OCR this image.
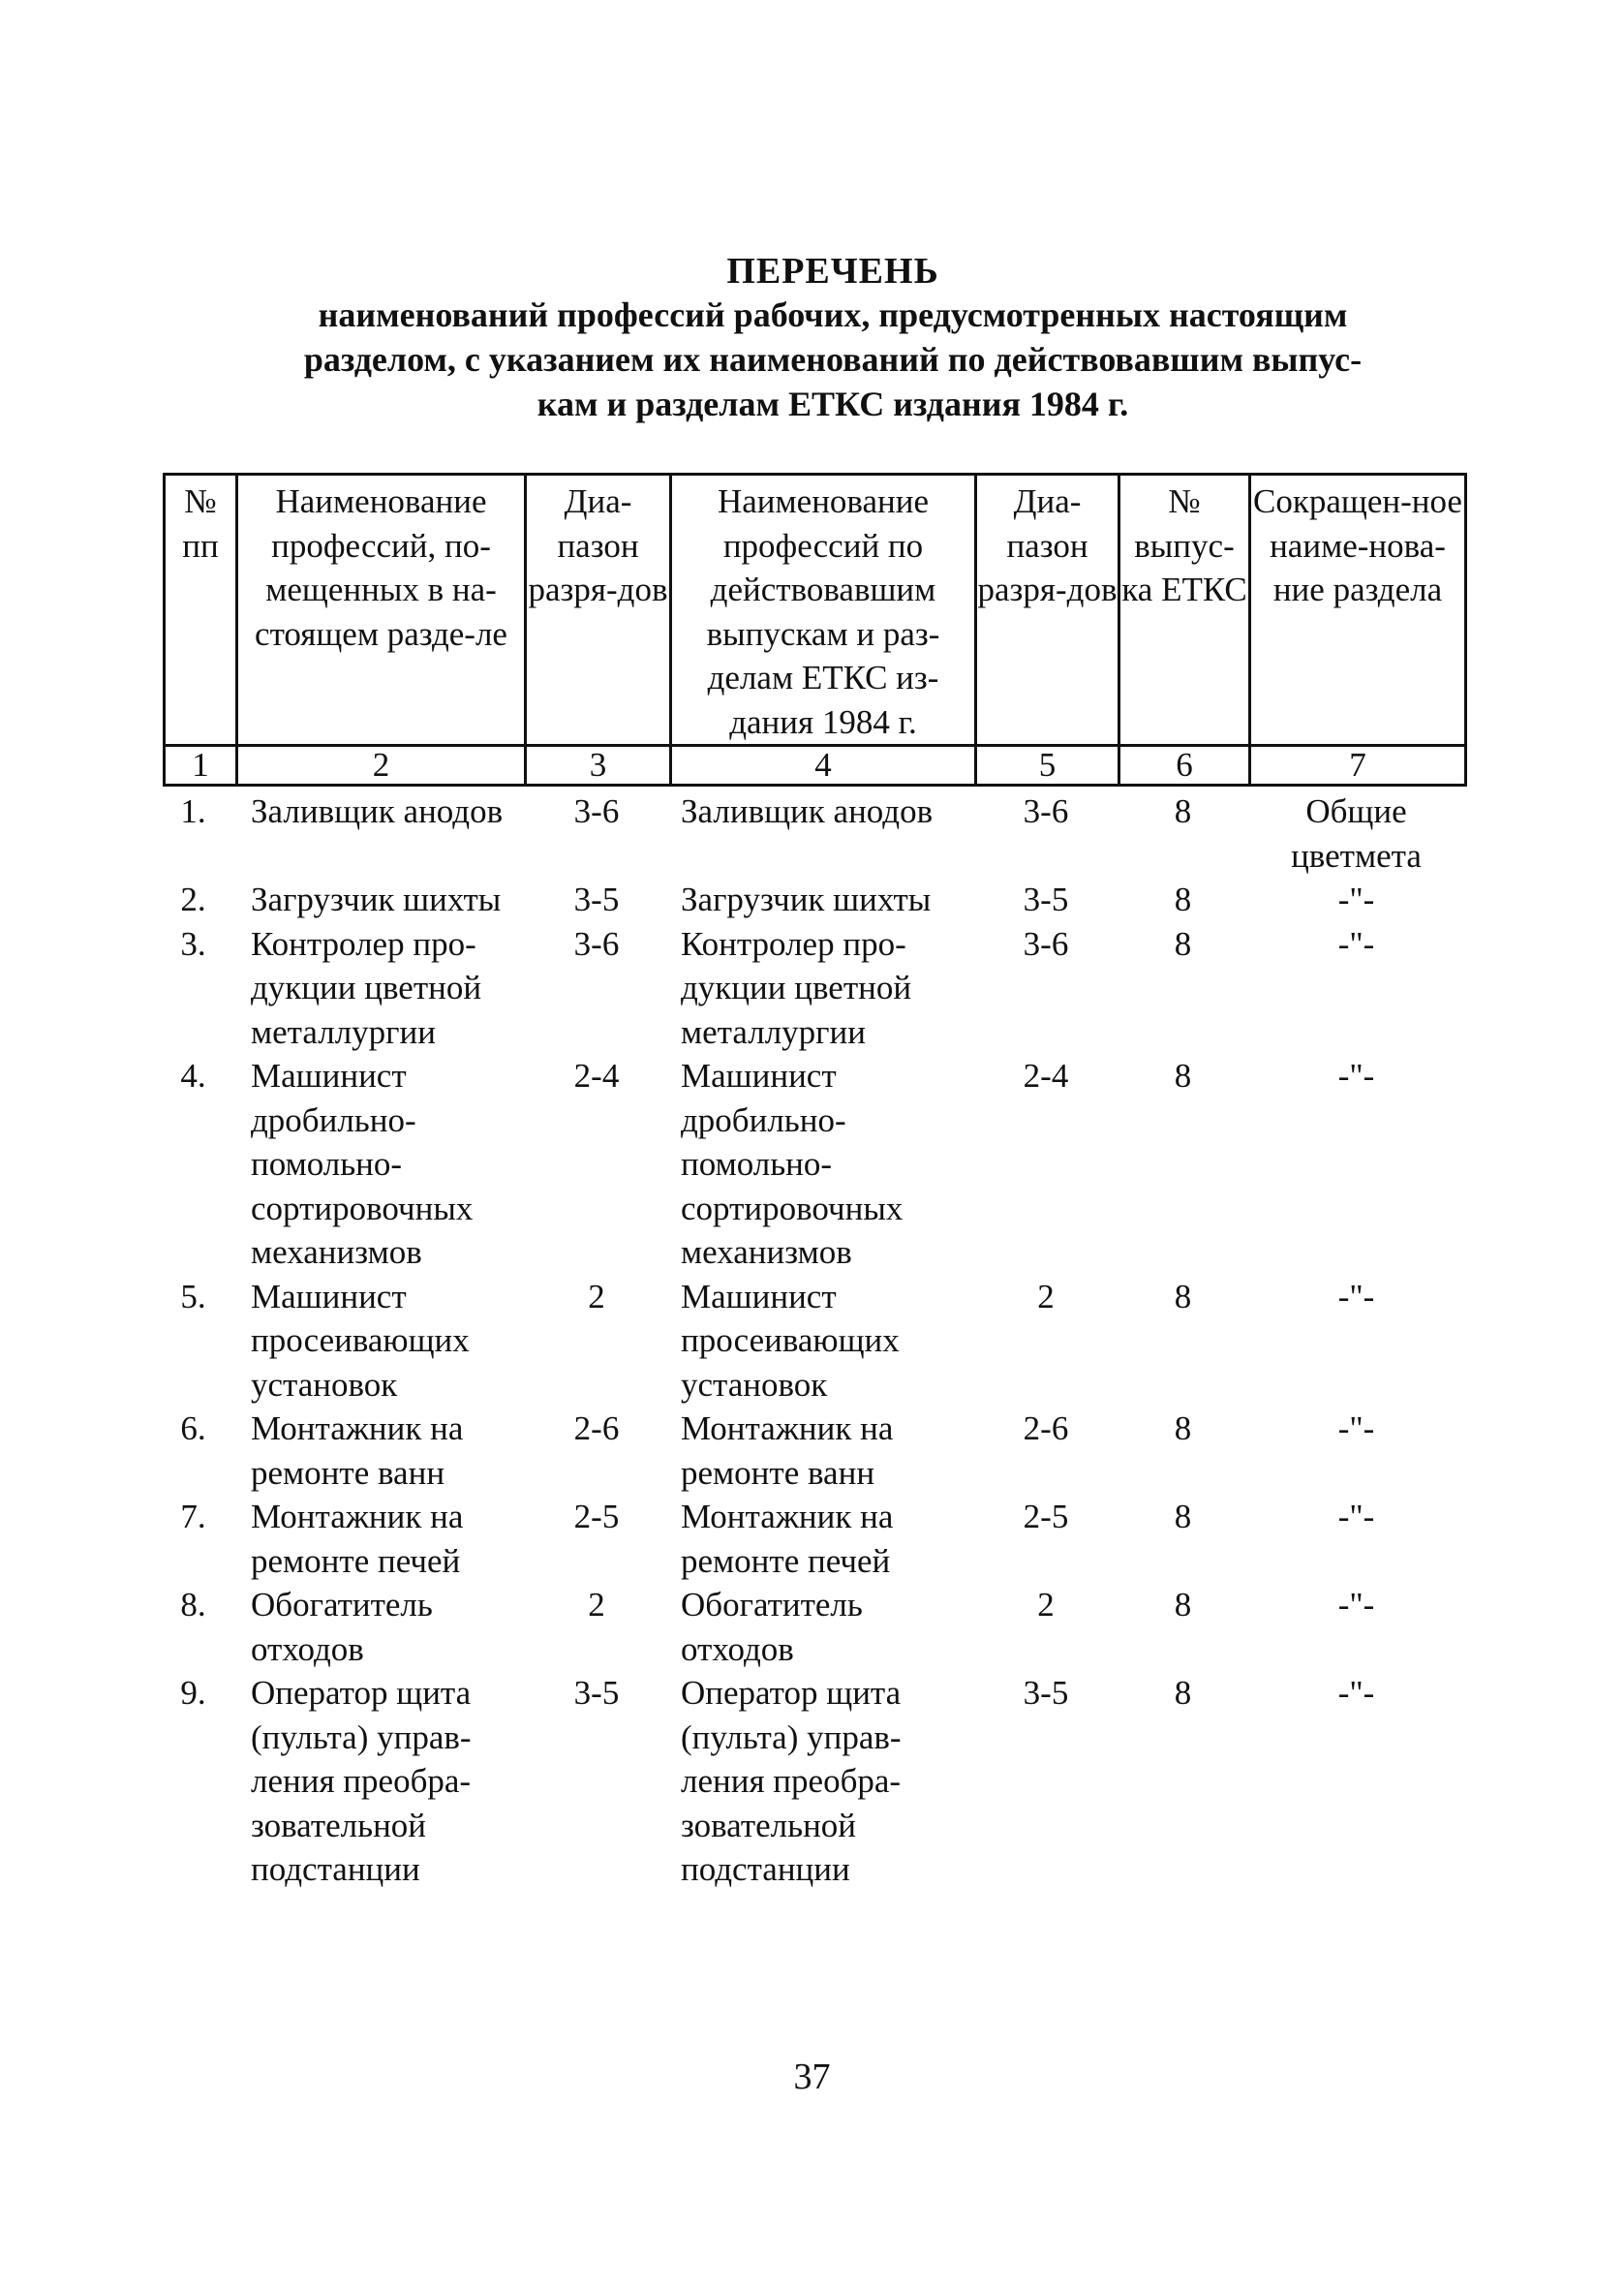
ПЕРЕЧЕНЬ
наименований профессий рабочих, предусмотренных настоящим разделом, с указанием их наименований по действовавшим выпус-кам и разделам ЕТКС издания 1984 г.
№ пп	Наименование профессий, по-мещенных в на-стоящем разде-ле	Диа-пазон разря-дов	Наименование профессий по действовавшим выпускам и раз-делам ЕТКС из-дания 1984 г.	Диа-пазон разря-дов	№ выпус-ка ЕТКС	Сокращен-ное наиме-нова-ние раздела
1	2	3	4	5	6	7
1.	Заливщик анодов	3-6	Заливщик анодов	3-6	8	Общие цветмета
2.	Загрузчик шихты	3-5	Загрузчик шихты	3-5	8	-"-
3.	Контролер про-дукции цветной металлургии	3-6	Контролер про-дукции цветной металлургии	3-6	8	-"-
4.	Машинист дробильно-помольно-сортировочных механизмов	2-4	Машинист дробильно-помольно-сортировочных механизмов	2-4	8	-"-
5.	Машинист просеивающих установок	2	Машинист просеивающих установок	2	8	-"-
6.	Монтажник на ремонте ванн	2-6	Монтажник на ремонте ванн	2-6	8	-"-
7.	Монтажник на ремонте печей	2-5	Монтажник на ремонте печей	2-5	8	-"-
8.	Обогатитель отходов	2	Обогатитель отходов	2	8	-"-
9.	Оператор щита (пульта) управ-ления преобра-зовательной подстанции	3-5	Оператор щита (пульта) управ-ления преобра-зовательной подстанции	3-5	8	-"-
37
